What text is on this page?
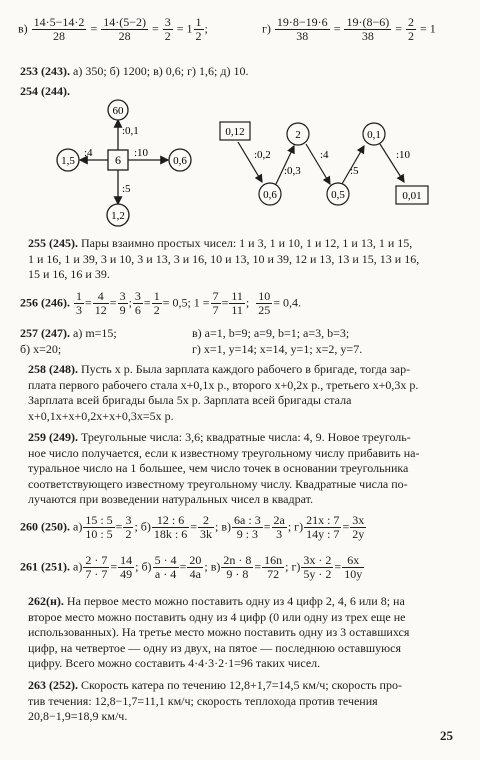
$в) \frac{14\cdot 5-14\cdot 2}{28} = \frac{14\cdot(5-2)}{28} = \frac{3}{2} = 1 \frac{1}{2}$ ;	$г) \frac{19\cdot 8-19\cdot 6}{38} = \frac{19\cdot(8-6)}{38} = \frac{2}{2} = 1$
253 (243). а) 350; б) 1200; в) 0,6; г) 1,6; д) 10.
254 (244).
6
60
1,5	0,6
1,2
:0,1
:4	:10
:5
0,12
0,6
2
0,5
0,1
0,01
:0,2
:0,3
:4
:5
:10

255 (245). Пары взаимно простых чисел: 1 и 3, 1 и 10, 1 и 12, 1 и 13, 1 и 15,

1 и 16, 1 и 39, 3 и 10, 3 и 13, 3 и 16, 10 и 13, 10 и 39, 12 и 13, 13 и 15, 13 и 16,

15 и 16, 16 и 39.

256 (246). $\frac{1}{3} = \frac{4}{12} = \frac{3}{9}$ ; $\frac{3}{6} = \frac{1}{2} = 0,5$; $1 = \frac{7}{7} = \frac{11}{11}$ ; $\frac{10}{25} = 0,4$.
257 (247). а) m=15;	в) a=1, b=9; a=9, b=1; a=3, b=3;
б) x=20;	г) x=1, y=14; x=14, y=1; x=2, y=7.

258 (248). Пусть x р. Была зарплата каждого рабочего в бригаде, тогда зар-

плата первого рабочего стала x+0,1x р., второго x+0,2x р., третьего x+0,3x р.

Зарплата всей бригады была 5x р. Зарплата всей бригады стала

x+0,1x+x+0,2x+x+0,3x=5x р.

259 (249). Треугольные числа: 3,6; квадратные числа: 4, 9. Новое треуголь-

ное число получается, если к известному треугольному числу прибавить на-

туральное число на 1 большее, чем число точек в основании треугольника

соответствующего известному треугольному числу. Квадратные числа по-

лучаются при возведении натуральных чисел в квадрат.

260 (250). $а) \frac{15 : 5}{10 : 5} = \frac{3}{2}$ ; $б) \frac{12 : 6}{18k : 6} = \frac{2}{3k}$ ; $в) \frac{6a : 3}{9 : 3} = \frac{2a}{3}$ ; $г) \frac{21x : 7}{14y : 7} = \frac{3x}{2y}$
261 (251). $а) \frac{2 \cdot 7}{7 \cdot 7} = \frac{14}{49}$ ; $б) \frac{5 \cdot 4}{a \cdot 4} = \frac{20}{4a}$ ; $в) \frac{2n \cdot 8}{9 \cdot 8} = \frac{16n}{72}$ ; $г) \frac{3x \cdot 2}{5y \cdot 2} = \frac{6x}{10y}$

262(н). На первое место можно поставить одну из 4 цифр 2, 4, 6 или 8; на

второе место можно поставить одну из 4 цифр (0 или одну из трех еще не

использованных). На третье место можно поставить одну из 3 оставшихся

цифр, на четвертое — одну из двух, на пятое — последнюю оставшуюся

цифру. Всего можно составить 4·4·3·2·1=96 таких чисел.

263 (252). Скорость катера по течению 12,8+1,7=14,5 км/ч; скорость про-

тив течения: 12,8−1,7=11,1 км/ч; скорость теплохода против течения

20,8−1,9=18,9 км/ч.

25
